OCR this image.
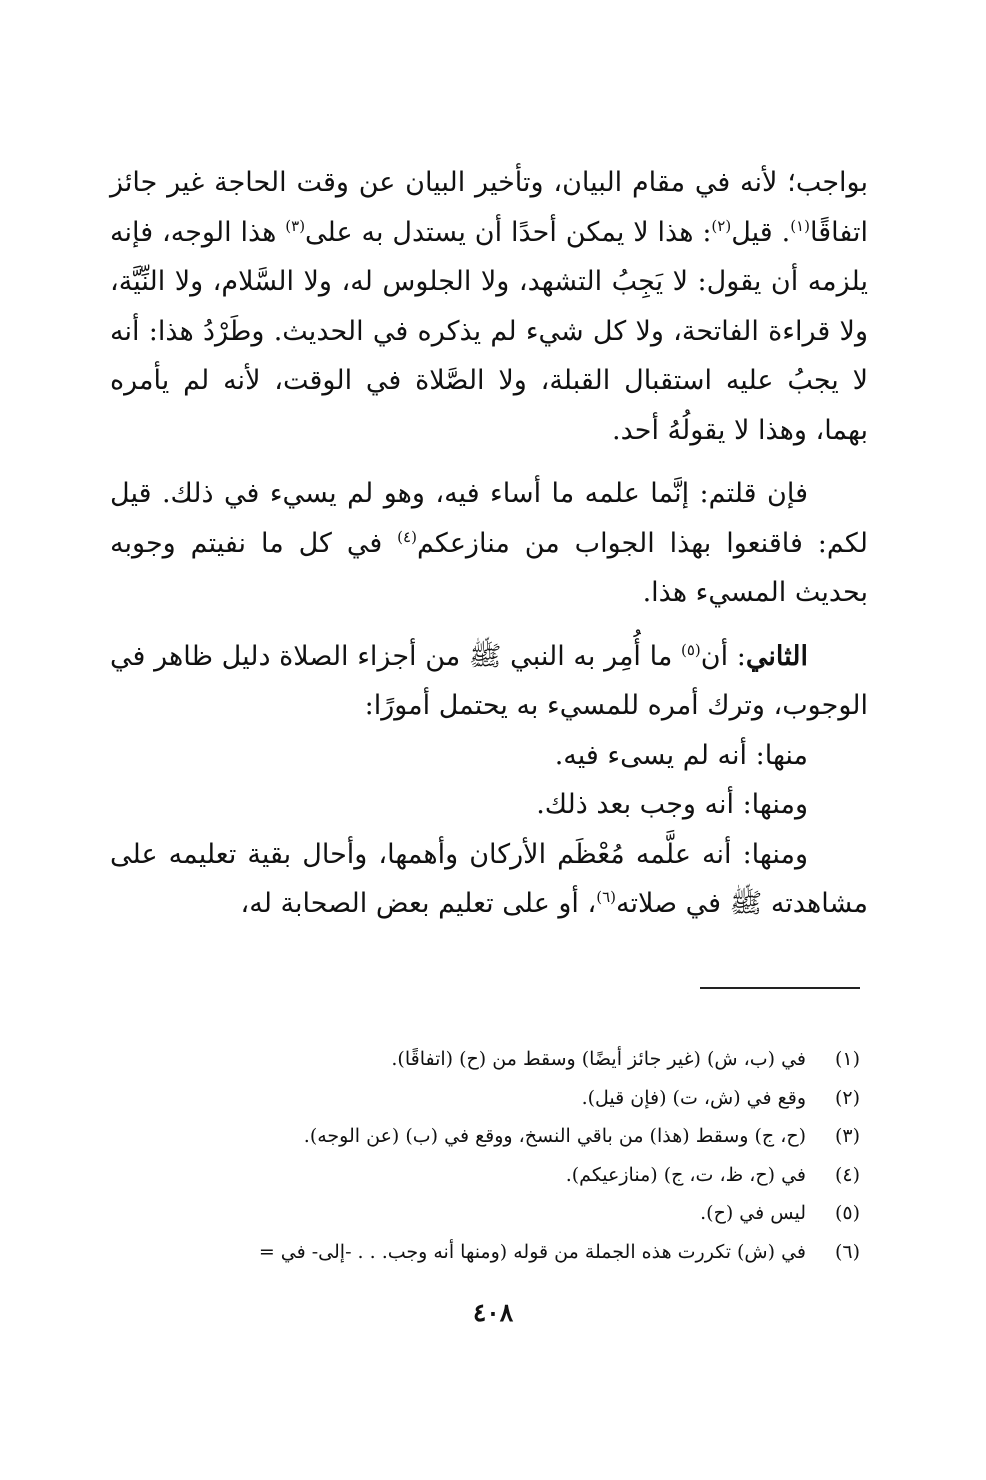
بواجب؛ لأنه في مقام البيان، وتأخير البيان عن وقت الحاجة غير جائز اتفاقًا$^{(١)}$. قيل$^{(٢)}$: هذا لا يمكن أحدًا أن يستدل به على$^{(٣)}$ هذا الوجه، فإنه يلزمه أن يقول: لا يَجِبُ التشهد، ولا الجلوس له، ولا السَّلام، ولا النِّيَّة، ولا قراءة الفاتحة، ولا كل شيء لم يذكره في الحديث. وطَرْدُ هذا: أنه لا يجبُ عليه استقبال القبلة، ولا الصَّلاة في الوقت، لأنه لم يأمره بهما، وهذا لا يقولُهُ أحد.

فإن قلتم: إنَّما علمه ما أساء فيه، وهو لم يسيء في ذلك. قيل لكم: فاقنعوا بهذا الجواب من منازعكم$^{(٤)}$ في كل ما نفيتم وجوبه بحديث المسيء هذا.

الثاني: أن$^{(٥)}$ ما أُمِر به النبي ﷺ من أجزاء الصلاة دليل ظاهر في الوجوب، وترك أمره للمسيء به يحتمل أمورًا:

منها: أنه لم يسىء فيه.

ومنها: أنه وجب بعد ذلك.

ومنها: أنه علَّمه مُعْظَم الأركان وأهمها، وأحال بقية تعليمه على مشاهدته ﷺ في صلاته$^{(٦)}$، أو على تعليم بعض الصحابة له،

(١)
في (ب، ش) (غير جائز أيضًا) وسقط من (ح) (اتفاقًا).
(٢)
وقع في (ش، ت) (فإن قيل).
(٣)
(ح، ج) وسقط (هذا) من باقي النسخ، ووقع في (ب) (عن الوجه).
(٤)
في (ح، ظ، ت، ج) (منازعيكم).
(٥)
ليس في (ح).
(٦)
في (ش) تكررت هذه الجملة من قوله (ومنها أنه وجب. . . -إلى- في =
٤٠٨
